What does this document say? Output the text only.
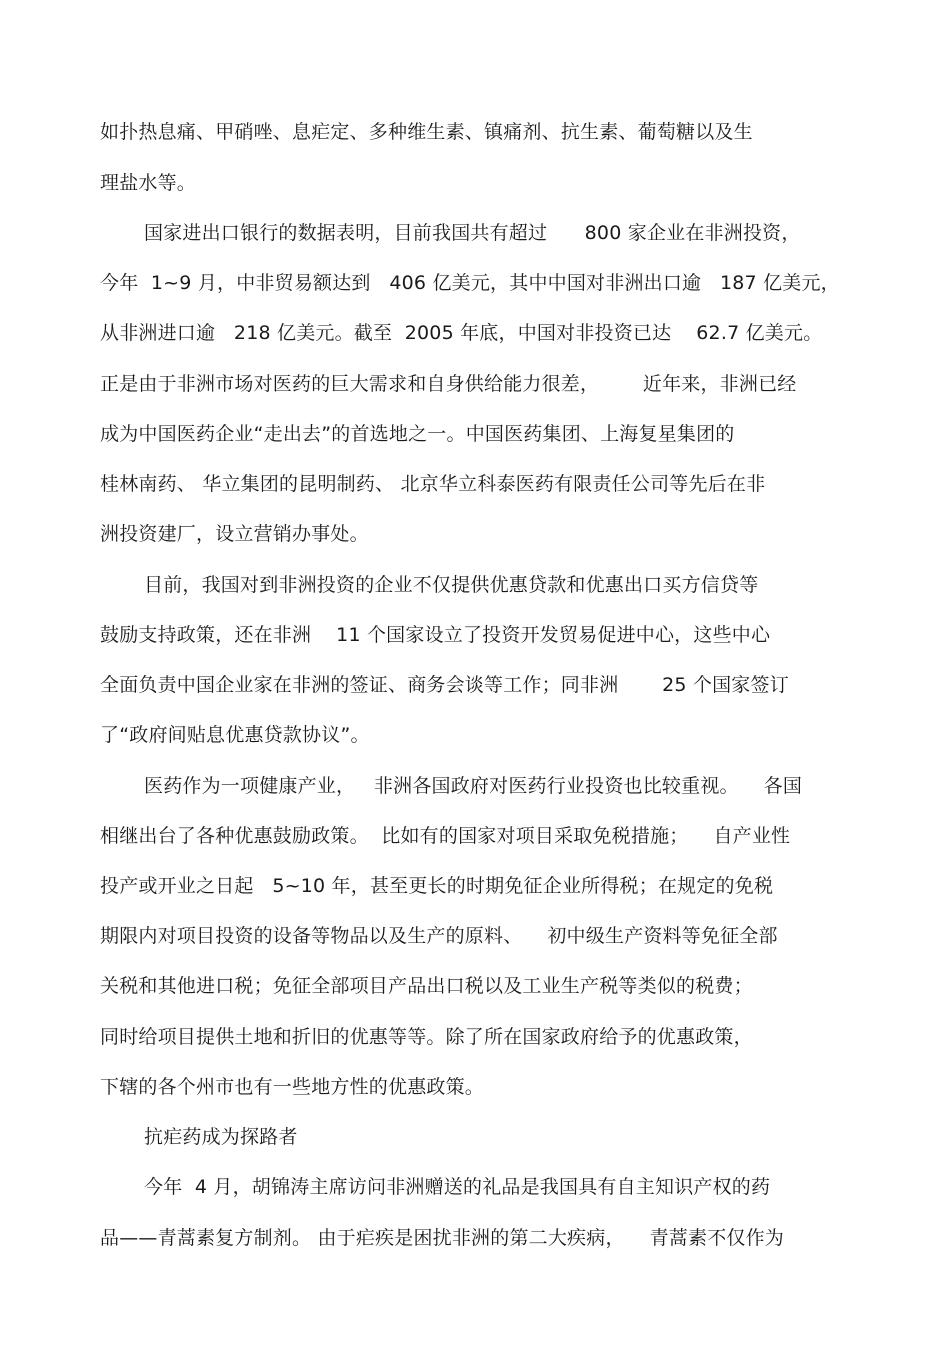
如扑热息痛、甲硝唑、息疟定、多种维生素、镇痛剂、抗生素、葡萄糖以及生
理盐水等。
国家进出口银行的数据表明，目前我国共有超过      800 家企业在非洲投资，
今年  1~9 月，中非贸易额达到   406 亿美元，其中中国对非洲出口逾   187 亿美元，
从非洲进口逾   218 亿美元。截至  2005 年底，中国对非投资已达    62.7 亿美元。
正是由于非洲市场对医药的巨大需求和自身供给能力很差，       近年来，非洲已经
成为中国医药企业“走出去”的首选地之一。中国医药集团、上海复星集团的
桂林南药、 华立集团的昆明制药、 北京华立科泰医药有限责任公司等先后在非
洲投资建厂，设立营销办事处。
目前，我国对到非洲投资的企业不仅提供优惠贷款和优惠出口买方信贷等
鼓励支持政策，还在非洲    11 个国家设立了投资开发贸易促进中心，这些中心
全面负责中国企业家在非洲的签证、商务会谈等工作；同非洲       25 个国家签订
了“政府间贴息优惠贷款协议”。
医药作为一项健康产业，   非洲各国政府对医药行业投资也比较重视。    各国
相继出台了各种优惠鼓励政策。  比如有的国家对项目采取免税措施；    自产业性
投产或开业之日起   5~10 年，甚至更长的时期免征企业所得税；在规定的免税
期限内对项目投资的设备等物品以及生产的原料、    初中级生产资料等免征全部
关税和其他进口税；免征全部项目产品出口税以及工业生产税等类似的税费；
同时给项目提供土地和折旧的优惠等等。除了所在国家政府给予的优惠政策，
下辖的各个州市也有一些地方性的优惠政策。
抗疟药成为探路者
今年  4 月，胡锦涛主席访问非洲赠送的礼品是我国具有自主知识产权的药
品——青蒿素复方制剂。 由于疟疾是困扰非洲的第二大疾病，    青蒿素不仅作为
